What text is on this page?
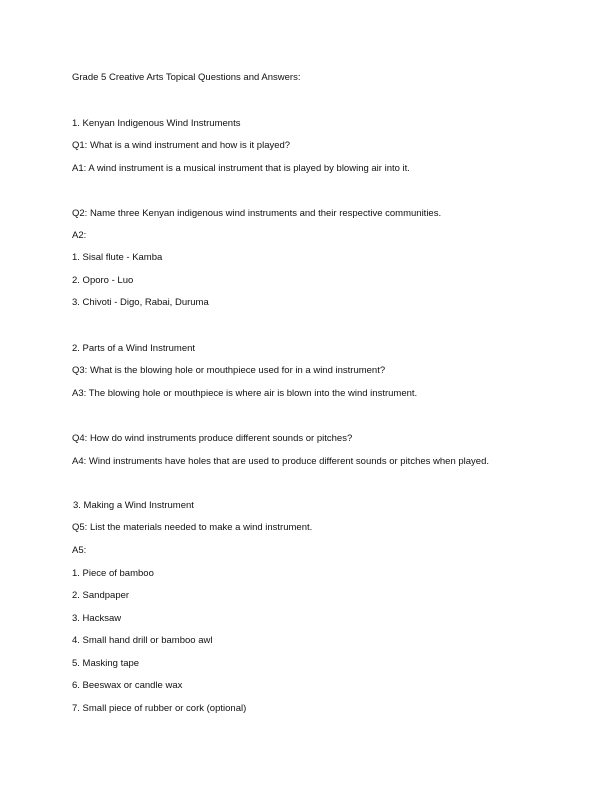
Grade 5 Creative Arts Topical Questions and Answers:
1. Kenyan Indigenous Wind Instruments
Q1: What is a wind instrument and how is it played?
A1: A wind instrument is a musical instrument that is played by blowing air into it.
Q2: Name three Kenyan indigenous wind instruments and their respective communities.
A2:
1. Sisal flute - Kamba
2. Oporo - Luo
3. Chivoti - Digo, Rabai, Duruma
2. Parts of a Wind Instrument
Q3: What is the blowing hole or mouthpiece used for in a wind instrument?
A3: The blowing hole or mouthpiece is where air is blown into the wind instrument.
Q4: How do wind instruments produce different sounds or pitches?
A4: Wind instruments have holes that are used to produce different sounds or pitches when played.
3. Making a Wind Instrument
Q5: List the materials needed to make a wind instrument.
A5:
1. Piece of bamboo
2. Sandpaper
3. Hacksaw
4. Small hand drill or bamboo awl
5. Masking tape
6. Beeswax or candle wax
7. Small piece of rubber or cork (optional)
